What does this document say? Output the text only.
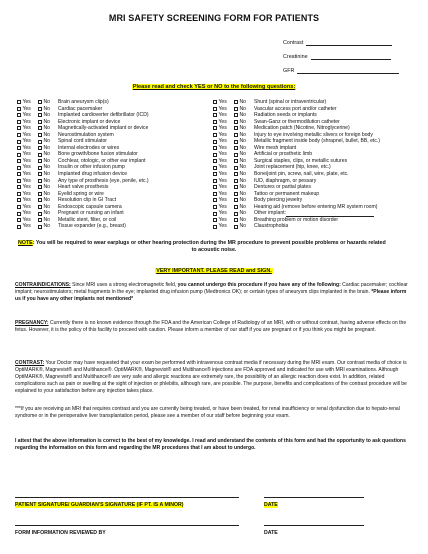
MRI SAFETY SCREENING FORM FOR PATIENTS
Contrast
Creatinine
GFR
Please read and check YES or NO to the following questions:
Yes No Brain aneurysm clip(s)
Yes No Cardiac pacemaker
Yes No Implanted cardioverter defibrillator (ICD)
Yes No Electronic implant or device
Yes No Magnetically-activated implant or device
Yes No Neurostimulation system
Yes No Spinal cord stimulator
Yes No Internal electrodes or wires
Yes No Bone growth/bone fusion stimulator
Yes No Cochlear, otologic, or other ear implant
Yes No Insulin or other infusion pump
Yes No Implanted drug infusion device
Yes No Any type of prosthesis (eye, penile, etc.)
Yes No Heart valve prosthesis
Yes No Eyelid spring or wire
Yes No Resolution clip in GI Tract
Yes No Endoscopic capsule camera
Yes No Pregnant or nursing an infant
Yes No Metallic stent, filter, or coil
Yes No Tissue expander (e.g., breast)
Yes No Shunt (spinal or intraventricular)
Yes No Vascular access port and/or catheter
Yes No Radiation seeds or implants
Yes No Swan-Ganz or thermodilution catheter
Yes No Medication patch (Nicotine, Nitroglycerine)
Yes No Injury to eye involving metallic slivers or foreign body
Yes No Metallic fragment inside body (shrapnel, bullet, BB, etc.)
Yes No Wire mesh implant
Yes No Artificial or prosthetic limb
Yes No Surgical staples, clips, or metallic sutures
Yes No Joint replacement (hip, knee, etc.)
Yes No Bone/joint pin, screw, nail, wire, plate, etc.
Yes No IUD, diaphragm, or pessary
Yes No Dentures or partial plates
Yes No Tattoo or permanent makeup
Yes No Body piercing jewelry
Yes No Hearing aid (remove before entering MR system room)
Yes No Other implant:
Yes No Breathing problem or motion disorder
Yes No Claustrophobia
NOTE: You will be required to wear earplugs or other hearing protection during the MR procedure to prevent possible problems or hazards related
to acoustic noise.
VERY IMPORTANT. PLEASE READ and SIGN.
CONTRAINDICATIONS: Since MRI uses a strong electromagnetic field, you cannot undergo this procedure if you have any of the following: Cardiac pacemaker; cochlear implant; neurostimulators; metal fragments in the eye; implanted drug infusion pump (Medtronics OK); or certain types of aneurysm clips implanted in the brain. *Please inform us if you have any other implants not mentioned*
PREGNANCY: Currently there is no known evidence through the FDA and the American College of Radiology of an MRI, with or without contrast, having adverse effects on the fetus. However, it is the policy of this facility to proceed with caution. Please inform a member of our staff if you are pregnant or if you think you might be pregnant.
CONTRAST: Your Doctor may have requested that your exam be performed with intravenous contrast media if necessary during the MRI exam. Our contrast media of choice is OptiMARK®, Magnevist® and Multihance®. OptiMARK®, Magnevist® and Multihance® injections are FDA approved and indicated for use with MRI examinations. Although OptiMARK®, Magnevist® and Multihance® are very safe and allergic reactions are extremely rare, the possibility of an allergic reaction does exist. In addition, related complications such as pain or swelling at the sight of injection or phlebitis, although rare, are possible. The purpose, benefits and complications of the contrast procedure will be explained to your satisfaction before any injection takes place.
***If you are receiving an MRI that requires contrast and you are currently being treated, or have been treated, for renal insufficiency or renal dysfunction due to hepato-renal syndrome or in the perioperative liver transplantation period, please see a member of our staff before beginning your exam.
I attest that the above information is correct to the best of my knowledge. I read and understand the contents of this form and had the opportunity to ask questions regarding the information on this form and regarding the MR procedures that I am about to undergo.
PATIENT SIGNATURE/ GUARDIAN'S SIGNATURE (IF PT. IS A MINOR)	DATE
FORM INFORMATION REVIEWED BY	DATE
